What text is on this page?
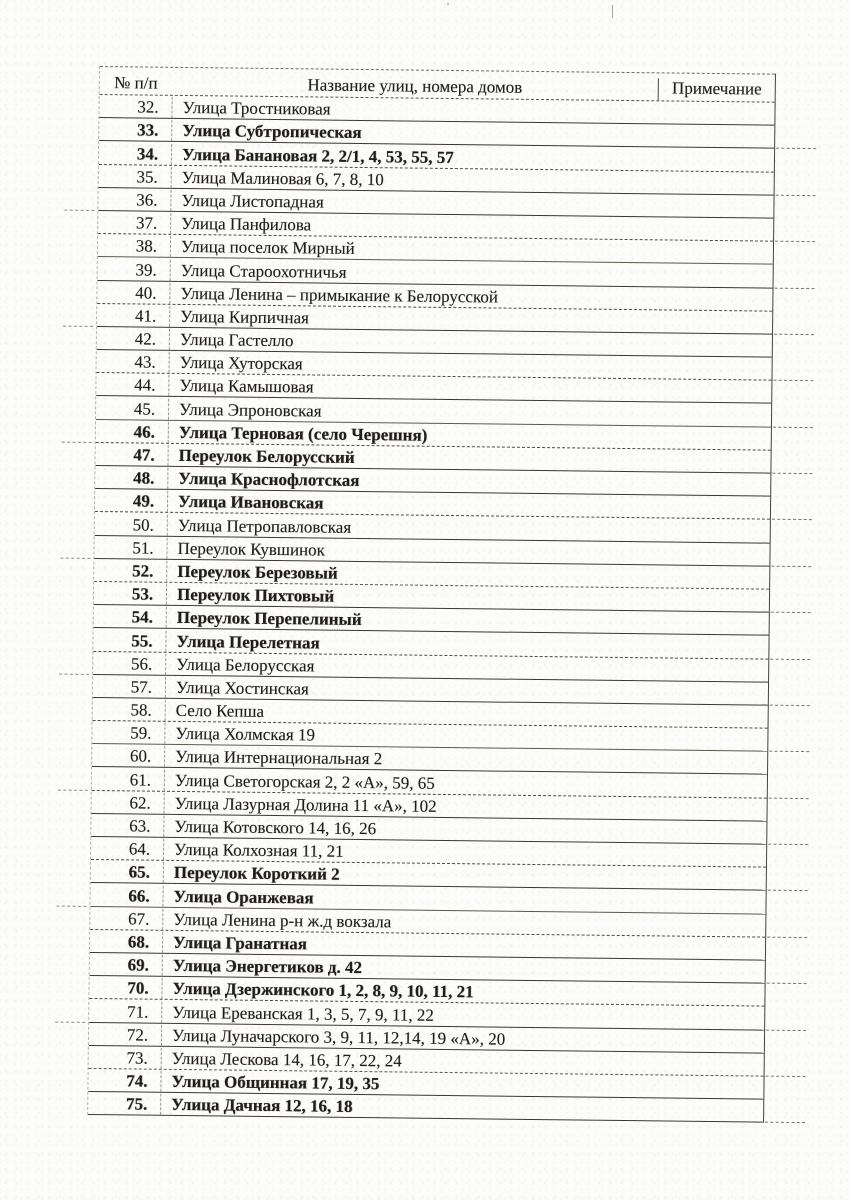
№ п/п	Название улиц, номера домов	Примечание
32.	Улица Тростниковая
33.	Улица Субтропическая
34.	Улица Банановая 2, 2/1, 4, 53, 55, 57
35.	Улица Малиновая 6, 7, 8, 10
36.	Улица Листопадная
37.	Улица Панфилова
38.	Улица поселок Мирный
39.	Улица Староохотничья
40.	Улица Ленина – примыкание к Белорусской
41.	Улица Кирпичная
42.	Улица Гастелло
43.	Улица Хуторская
44.	Улица Камышовая
45.	Улица Эпроновская
46.	Улица Терновая (село Черешня)
47.	Переулок Белорусский
48.	Улица Краснофлотская
49.	Улица Ивановская
50.	Улица Петропавловская
51.	Переулок Кувшинок
52.	Переулок Березовый
53.	Переулок Пихтовый
54.	Переулок Перепелиный
55.	Улица Перелетная
56.	Улица Белорусская
57.	Улица Хостинская
58.	Село Кепша
59.	Улица Холмская 19
60.	Улица Интернациональная 2
61.	Улица Светогорская 2, 2 «А», 59, 65
62.	Улица Лазурная Долина 11 «А», 102
63.	Улица Котовского 14, 16, 26
64.	Улица Колхозная 11, 21
65.	Переулок Короткий 2
66.	Улица Оранжевая
67.	Улица Ленина р-н ж.д вокзала
68.	Улица Гранатная
69.	Улица Энергетиков д. 42
70.	Улица Дзержинского 1, 2, 8, 9, 10, 11, 21
71.	Улица Ереванская 1, 3, 5, 7, 9, 11, 22
72.	Улица Луначарского 3, 9, 11, 12,14, 19 «А», 20
73.	Улица Лескова 14, 16, 17, 22, 24
74.	Улица Общинная 17, 19, 35
75.	Улица Дачная 12, 16, 18
